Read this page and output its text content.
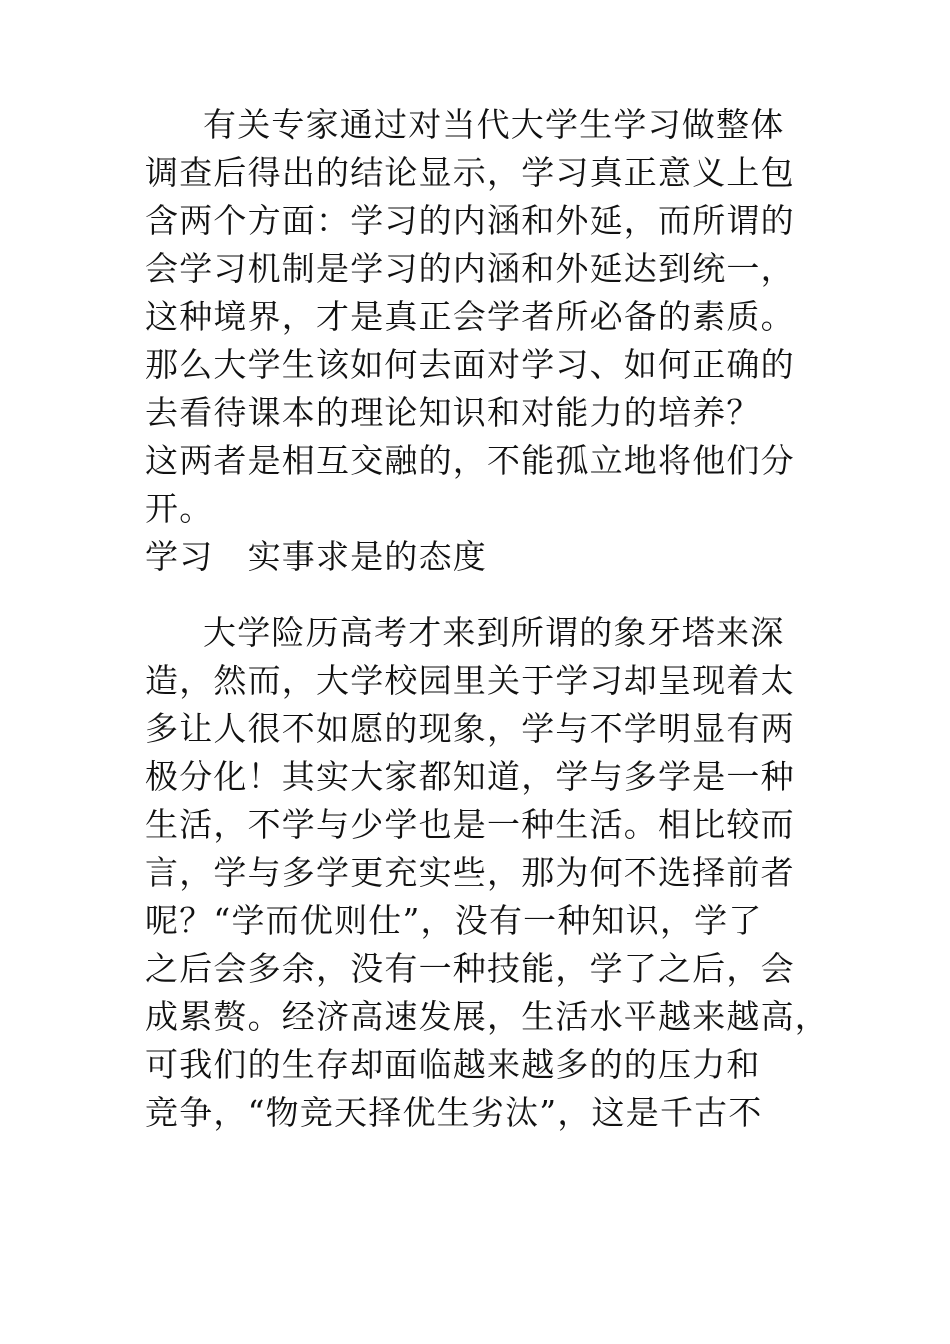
有关专家通过对当代大学生学习做整体
调查后得出的结论显示，学习真正意义上包
含两个方面：学习的内涵和外延，而所谓的
会学习机制是学习的内涵和外延达到统一，
这种境界，才是真正会学者所必备的素质。
那么大学生该如何去面对学习、如何正确的
去看待课本的理论知识和对能力的培养？
这两者是相互交融的，不能孤立地将他们分
开。
学习　实事求是的态度
大学险历高考才来到所谓的象牙塔来深
造，然而，大学校园里关于学习却呈现着太
多让人很不如愿的现象，学与不学明显有两
极分化！其实大家都知道，学与多学是一种
生活，不学与少学也是一种生活。相比较而
言，学与多学更充实些，那为何不选择前者
呢？“学而优则仕”，没有一种知识，学了
之后会多余，没有一种技能，学了之后，会
成累赘。经济高速发展，生活水平越来越高，
可我们的生存却面临越来越多的的压力和
竞争，“物竞天择优生劣汰”，这是千古不
